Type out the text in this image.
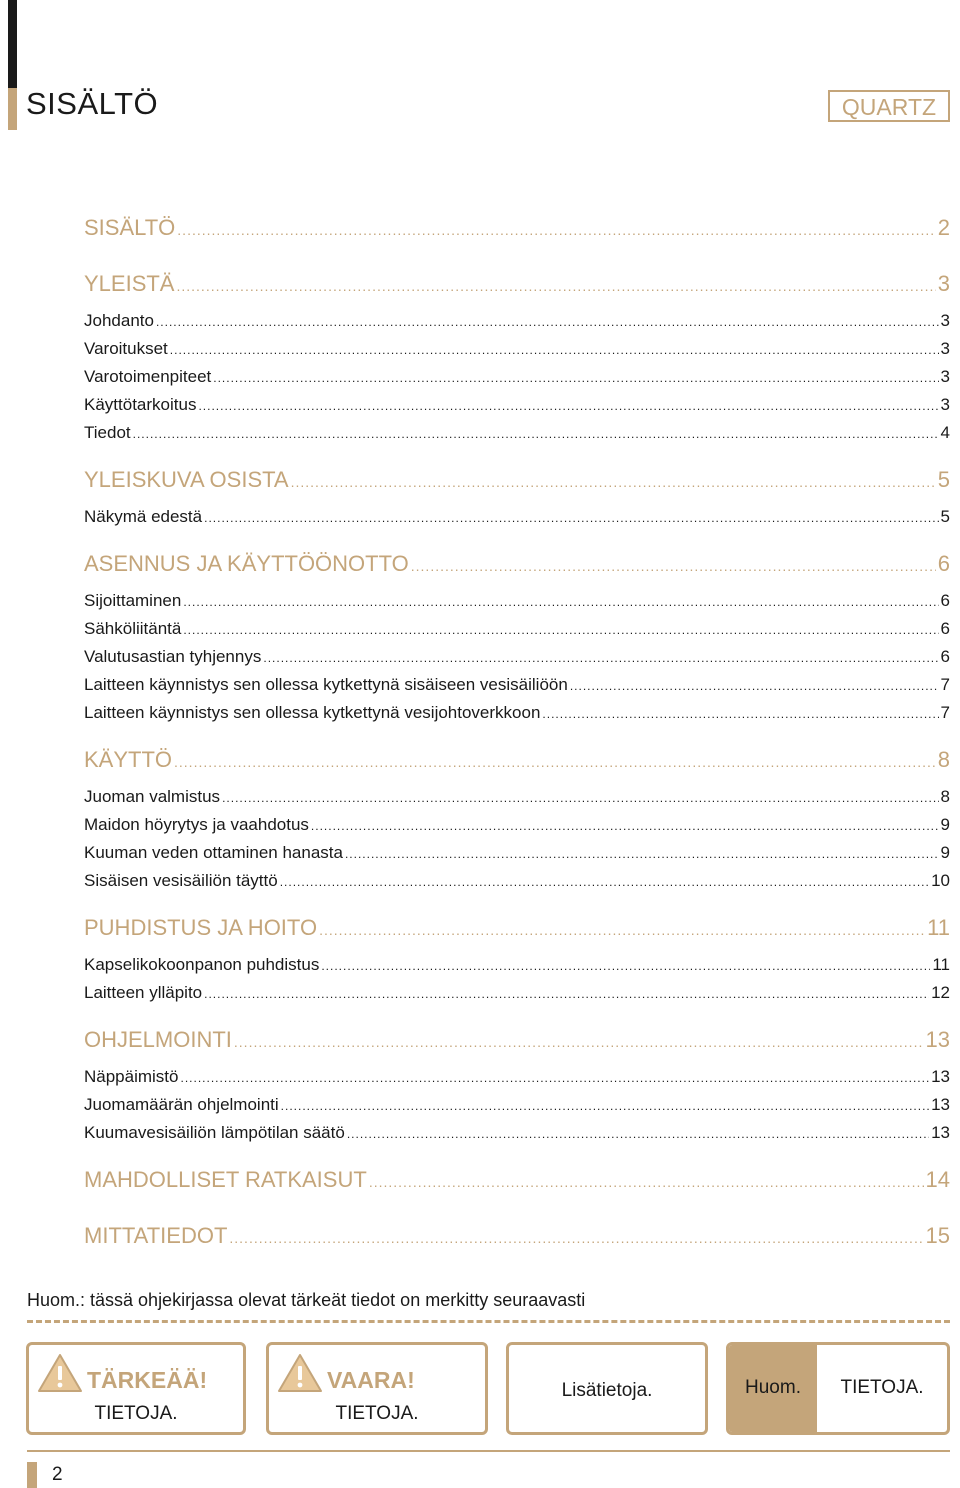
SISÄLTÖ	QUARTZ
SISÄLTÖ .....	2
YLEISTÄ .....	3
Johdanto .....	3
Varoitukset .....	3
Varotoimenpiteet .....	3
Käyttötarkoitus .....	3
Tiedot .....	4
YLEISKUVA OSISTA .....	5
Näkymä edestä .....	5
ASENNUS JA KÄYTTÖÖNOTTO .....	6
Sijoittaminen .....	6
Sähköliitäntä .....	6
Valutusastian tyhjennys .....	6
Laitteen käynnistys sen ollessa kytkettynä sisäiseen vesisäiliöön .....	7
Laitteen käynnistys sen ollessa kytkettynä vesijohtoverkkoon .....	7
KÄYTTÖ .....	8
Juoman valmistus .....	8
Maidon höyrytys ja vaahdotus .....	9
Kuuman veden ottaminen hanasta .....	9
Sisäisen vesisäiliön täyttö .....	10
PUHDISTUS JA HOITO .....	11
Kapselikokoonpanon puhdistus .....	11
Laitteen ylläpito .....	12
OHJELMOINTI .....	13
Näppäimistö .....	13
Juomamäärän ohjelmointi .....	13
Kuumavesisäiliön lämpötilan säätö .....	13
MAHDOLLISET RATKAISUT .....	14
MITTATIEDOT .....	15
Huom.: tässä ohjekirjassa olevat tärkeät tiedot on merkitty seuraavasti
TÄRKEÄÄ!
TIETOJA.
VAARA!
TIETOJA.
Lisätietoja.	Huom.	TIETOJA.
2
